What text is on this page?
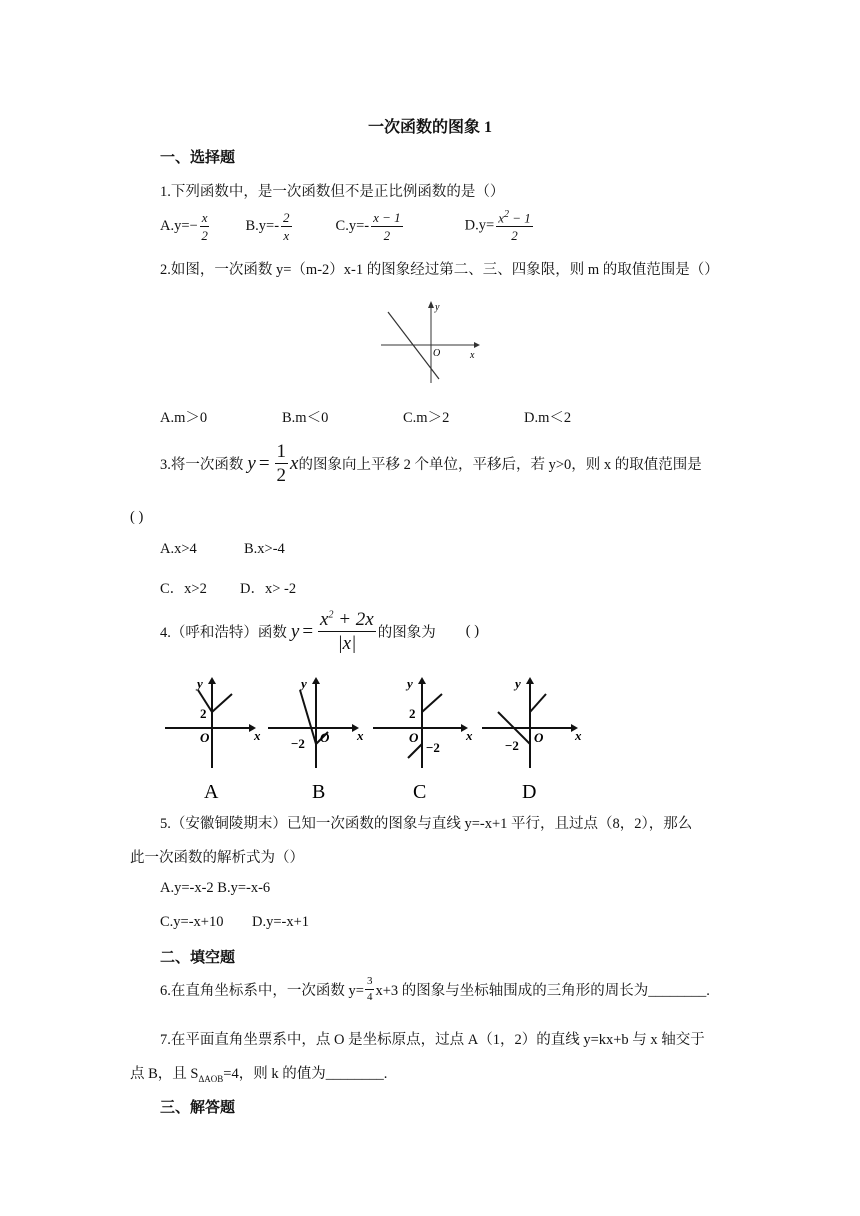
一次函数的图象 1
一、选择题
1.下列函数中，是一次函数但不是正比例函数的是（）
$A.y=- \frac{x}{2} B.y=- \frac{2}{x}$	$C.y=- \frac{x - 1}{2}$	$D.y= \frac{x^2 - 1}{2}$
2.如图，一次函数 y=（m-2）x-1 的图象经过第二、三、四象限，则 m 的取值范围是（）
x
y
O
A.m＞0	B.m＜0	C.m＞2	D.m＜2
3.将一次函数 $y = \frac{1}{2}$ x 的图象向上平移 2 个单位，平移后，若 y>0，则 x 的取值范围是
( )
A.x>4	B.x>-4
C．x>2 D．x> -2
4.（呼和浩特）函数 $y = \frac{x^2 + 2x}{|x|}$ 的图象为 ( )
2
O
y
x
A
−2 O
y
x
B
2
−2
O
y
x
C
−2
O
y
x
D
5.（安徽铜陵期末）已知一次函数的图象与直线 y=-x+1 平行，且过点（8，2），那么
此一次函数的解析式为（）
A.y=-x-2 B.y=-x-6
C.y=-x+10 D.y=-x+1
二、填空题
6.在直角坐标系中，一次函数 $y= \frac{3}{4} x+3$ 的图象与坐标轴围成的三角形的周长为________.
7.在平面直角坐票系中，点 O 是坐标原点，过点 A（1，2）的直线 y=kx+b 与 x 轴交于
点 B，且 $S_{\Delta AOB}=4$，则 k 的值为________.
三、解答题
